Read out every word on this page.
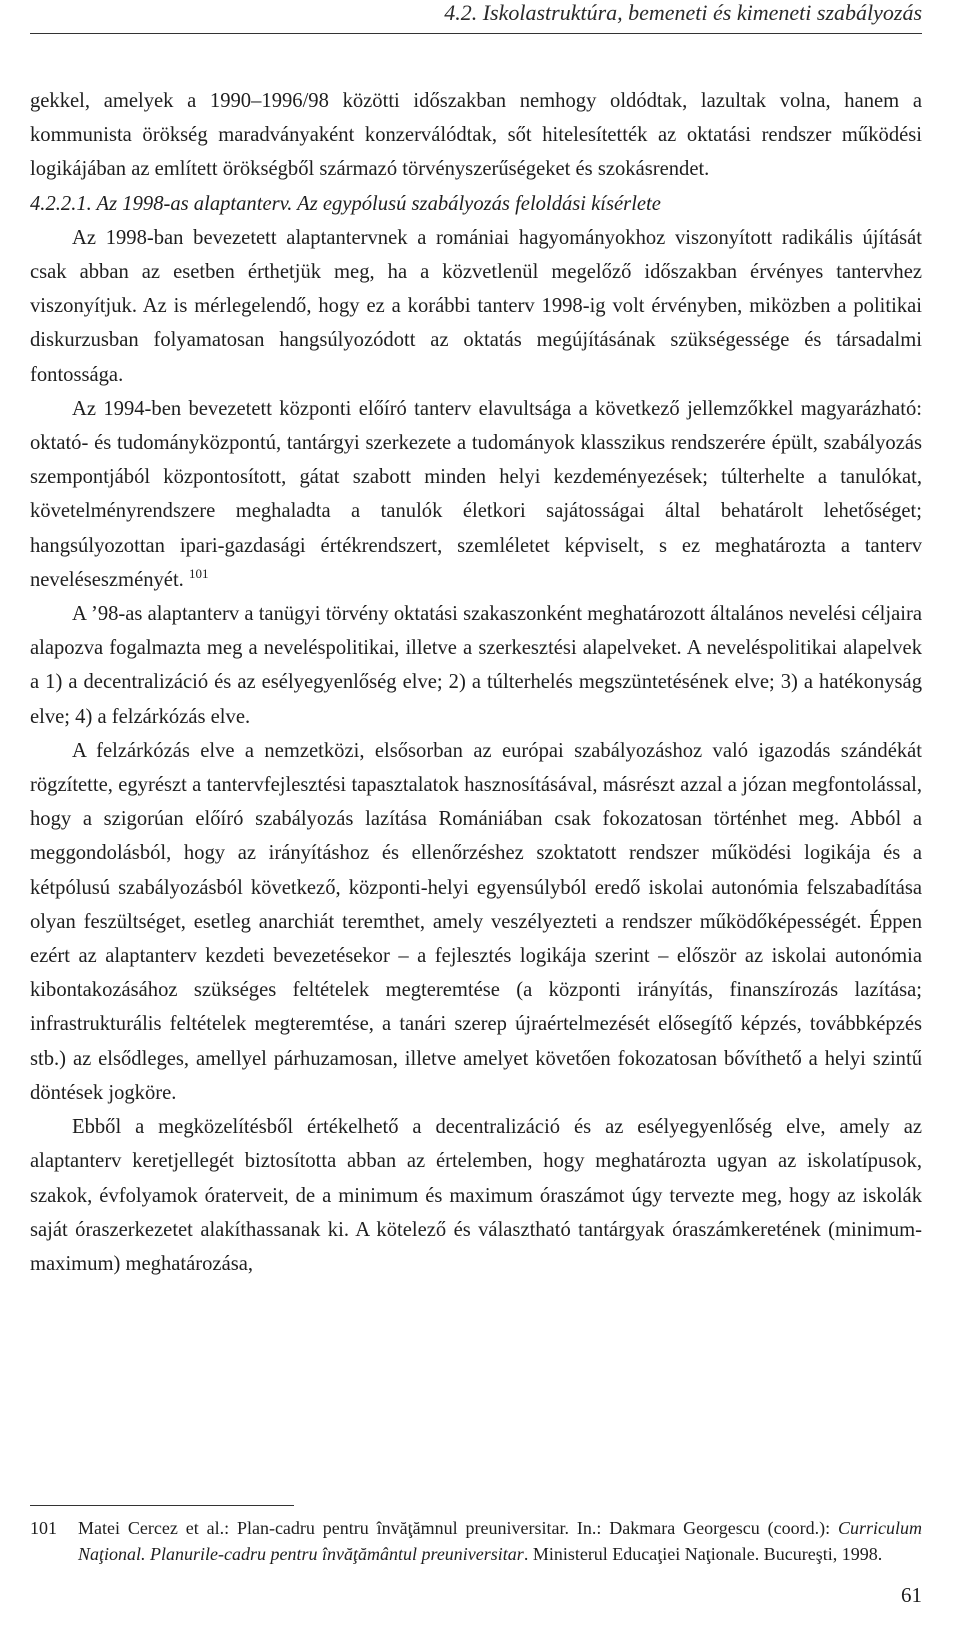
4.2. Iskolastruktúra, bemeneti és kimeneti szabályozás

gekkel, amelyek a 1990–1996/98 közötti időszakban nemhogy oldódtak, lazultak volna, hanem a kommunista örökség maradványaként konzerválódtak, sőt hitelesítették az oktatási rendszer működési logikájában az említett örökségből származó törvényszerűségeket és szokásrendet.

4.2.2.1. Az 1998-as alaptanterv. Az egypólusú szabályozás feloldási kísérlete

Az 1998-ban bevezetett alaptantervnek a romániai hagyományokhoz viszonyított radikális újítását csak abban az esetben érthetjük meg, ha a közvetlenül megelőző időszakban érvényes tantervhez viszonyítjuk. Az is mérlegelendő, hogy ez a korábbi tanterv 1998-ig volt érvényben, miközben a politikai diskurzusban folyamatosan hangsúlyozódott az oktatás megújításának szükségessége és társadalmi fontossága.

Az 1994-ben bevezetett központi előíró tanterv elavultsága a következő jellemzőkkel magyarázható: oktató- és tudományközpontú, tantárgyi szerkezete a tudományok klasszikus rendszerére épült, szabályozás szempontjából központosított, gátat szabott minden helyi kezdeményezések; túlterhelte a tanulókat, követelményrendszere meghaladta a tanulók életkori sajátosságai által behatárolt lehetőséget; hangsúlyozottan ipari-gazdasági értékrendszert, szemléletet képviselt, s ez meghatározta a tanterv neveléseszményét. $^{101}$

A ’98-as alaptanterv a tanügyi törvény oktatási szakaszonként meghatározott általános nevelési céljaira alapozva fogalmazta meg a neveléspolitikai, illetve a szerkesztési alapelveket. A neveléspolitikai alapelvek a 1) a decentralizáció és az esélyegyenlőség elve; 2) a túlterhelés megszüntetésének elve; 3) a hatékonyság elve; 4) a felzárkózás elve.

A felzárkózás elve a nemzetközi, elsősorban az európai szabályozáshoz való igazodás szándékát rögzítette, egyrészt a tantervfejlesztési tapasztalatok hasznosításával, másrészt azzal a józan megfontolással, hogy a szigorúan előíró szabályozás lazítása Romániában csak fokozatosan történhet meg. Abból a meggondolásból, hogy az irányításhoz és ellenőrzéshez szoktatott rendszer működési logikája és a kétpólusú szabályozásból következő, központi-helyi egyensúlyból eredő iskolai autonómia felszabadítása olyan feszültséget, esetleg anarchiát teremthet, amely veszélyezteti a rendszer működőképességét. Éppen ezért az alaptanterv kezdeti bevezetésekor – a fejlesztés logikája szerint – először az iskolai autonómia kibontakozásához szükséges feltételek megteremtése (a központi irányítás, finanszírozás lazítása; infrastrukturális feltételek megteremtése, a tanári szerep újraértelmezését elősegítő képzés, továbbképzés stb.) az elsődleges, amellyel párhuzamosan, illetve amelyet követően fokozatosan bővíthető a helyi szintű döntések jogköre.

Ebből a megközelítésből értékelhető a decentralizáció és az esélyegyenlőség elve, amely az alaptanterv keretjellegét biztosította abban az értelemben, hogy meghatározta ugyan az iskolatípusok, szakok, évfolyamok óraterveit, de a minimum és maximum óraszámot úgy tervezte meg, hogy az iskolák saját óraszerkezetet alakíthassanak ki. A kötelező és választható tantárgyak óraszámkeretének (minimum-maximum) meghatározása,

101 Matei Cercez et al.: Plan-cadru pentru învăţămnul preuniversitar. In.: Dakmara Georgescu (coord.): Curriculum Naţional. Planurile-cadru pentru învăţământul preuniversitar. Ministerul Educaţiei Naţionale. Bucureşti, 1998.
61
